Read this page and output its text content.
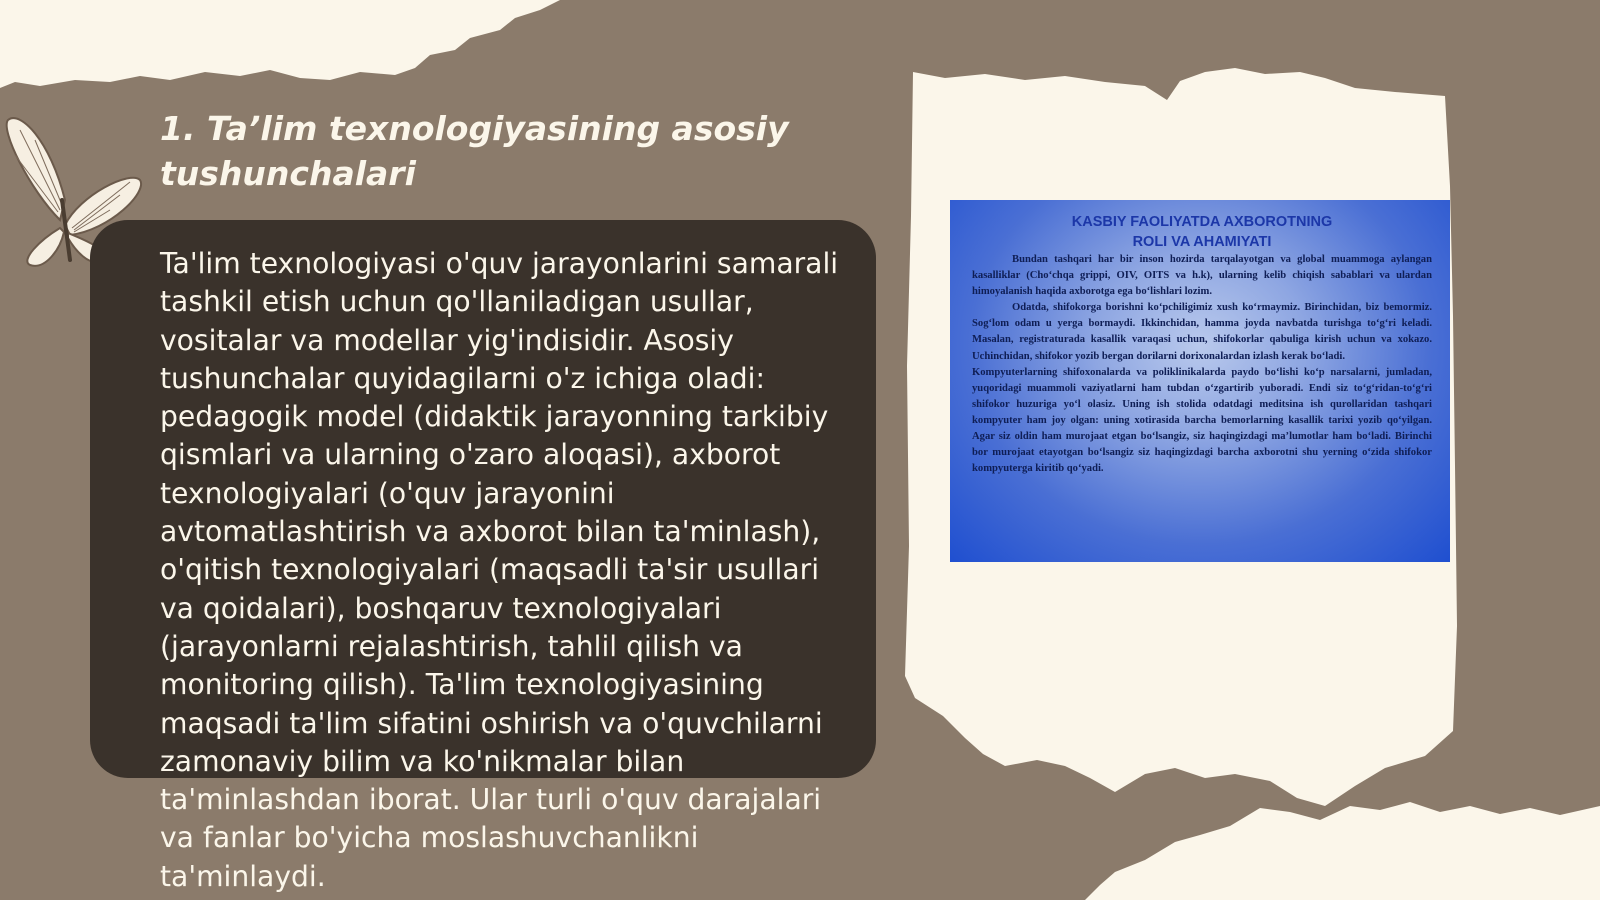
1. Ta’lim texnologiyasining asosiy
tushunchalari

Ta'lim texnologiyasi o'quv jarayonlarini samarali tashkil etish uchun qo'llaniladigan usullar, vositalar va modellar yig'indisidir. Asosiy tushunchalar quyidagilarni o'z ichiga oladi: pedagogik model (didaktik jarayonning tarkibiy qismlari va ularning o'zaro aloqasi), axborot texnologiyalari (o'quv jarayonini avtomatlashtirish va axborot bilan ta'minlash), o'qitish texnologiyalari (maqsadli ta'sir usullari va qoidalari), boshqaruv texnologiyalari (jarayonlarni rejalashtirish, tahlil qilish va monitoring qilish). Ta'lim texnologiyasining maqsadi ta'lim sifatini oshirish va o'quvchilarni zamonaviy bilim va ko'nikmalar bilan ta'minlashdan iborat. Ular turli o'quv darajalari va fanlar bo'yicha moslashuvchanlikni ta'minlaydi.

KASBIY FAOLIYATDA AXBOROTNING
ROLI VA AHAMIYATI

Bundan tashqari har bir inson hozirda tarqalayotgan va global muammoga aylangan kasalliklar (Cho‘chqa grippi, OIV, OITS va h.k), ularning kelib chiqish sabablari va ulardan himoyalanish haqida axborotga ega bo‘lishlari lozim.

Odatda, shifokorga borishni ko‘pchiligimiz xush ko‘rmaymiz. Birinchidan, biz bemormiz. Sog‘lom odam u yerga bormaydi. Ikkinchidan, hamma joyda navbatda turishga to‘g‘ri keladi. Masalan, registraturada kasallik varaqasi uchun, shifokorlar qabuliga kirish uchun va xokazo. Uchinchidan, shifokor yozib bergan dorilarni dorixonalardan izlash kerak bo‘ladi.

Kompyuterlarning shifoxonalarda va poliklinikalarda paydo bo‘lishi ko‘p narsalarni, jumladan, yuqoridagi muammoli vaziyatlarni ham tubdan o‘zgartirib yuboradi. Endi siz to‘g‘ridan-to‘g‘ri shifokor huzuriga yo‘l olasiz. Uning ish stolida odatdagi meditsina ish qurollaridan tashqari kompyuter ham joy olgan: uning xotirasida barcha bemorlarning kasallik tarixi yozib qo‘yilgan. Agar siz oldin ham murojaat etgan bo‘lsangiz, siz haqingizdagi ma’lumotlar ham bo‘ladi. Birinchi bor murojaat etayotgan bo‘lsangiz siz haqingizdagi barcha axborotni shu yerning o‘zida shifokor kompyuterga kiritib qo‘yadi.
